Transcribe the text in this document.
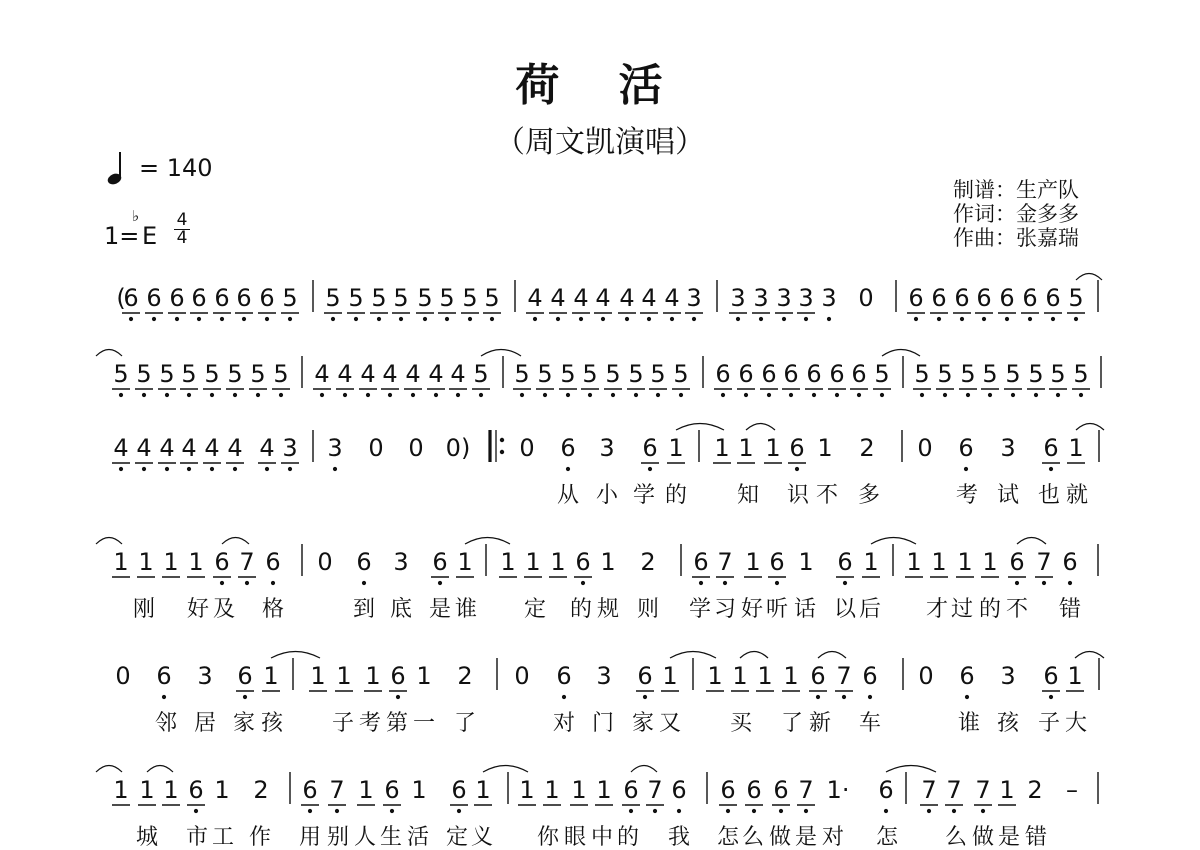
荷 活
（周文凯演唱）
= 140
1=
♭
E
4
4
制谱：生产队
作词：金多多
作曲：张嘉瑞
(
6 6 6 6 6 6 6 5 5 5 5 5 5 5 5 5 4 4 4 4 4 4 4 3 3 3 3 3 3 0 6 6 6 6 6 6 6 5
5 5 5 5 5 5 5 5 4 4 4 4 4 4 4 5 5 5 5 5 5 5 5 5 6 6 6 6 6 6 6 5 5 5 5 5 5 5 5 5
4 4 4 4 4 4 4 3 3 0 0 0) 0 6 3 6 1 1 1 1 6 1 2 0 6 3 6 1
从 小 学 的 知 识 不 多	考 试 也 就
1 1 1 1 6 7 6 0 6 3 6 1 1 1 1 6 1 2 6 7 1 6 1 6 1 1 1 1 1 6 7 6
刚 好 及 格	到 底 是 谁 定 的 规 则 学 习 好 听 话 以 后 才 过 的 不 错
0 6 3 6 1 1 1 1 6 1 2 0 6 3 6 1 1 1 1 1 6 7 6 0 6 3 6 1
邻 居 家 孩 子 考 第 一 了	对 门 家 又 买 了 新 车	谁 孩 子 大
1 1 1 6 1 2 6 7 1 6 1 6 1 1 1 1 1 6 7 6 6 6 6 7 1· 6 7 7 7 1 2 –
城 市 工 作 用 别 人 生 活 定 义 你 眼 中 的 我 怎 么 做 是 对 怎 么 做 是 错
